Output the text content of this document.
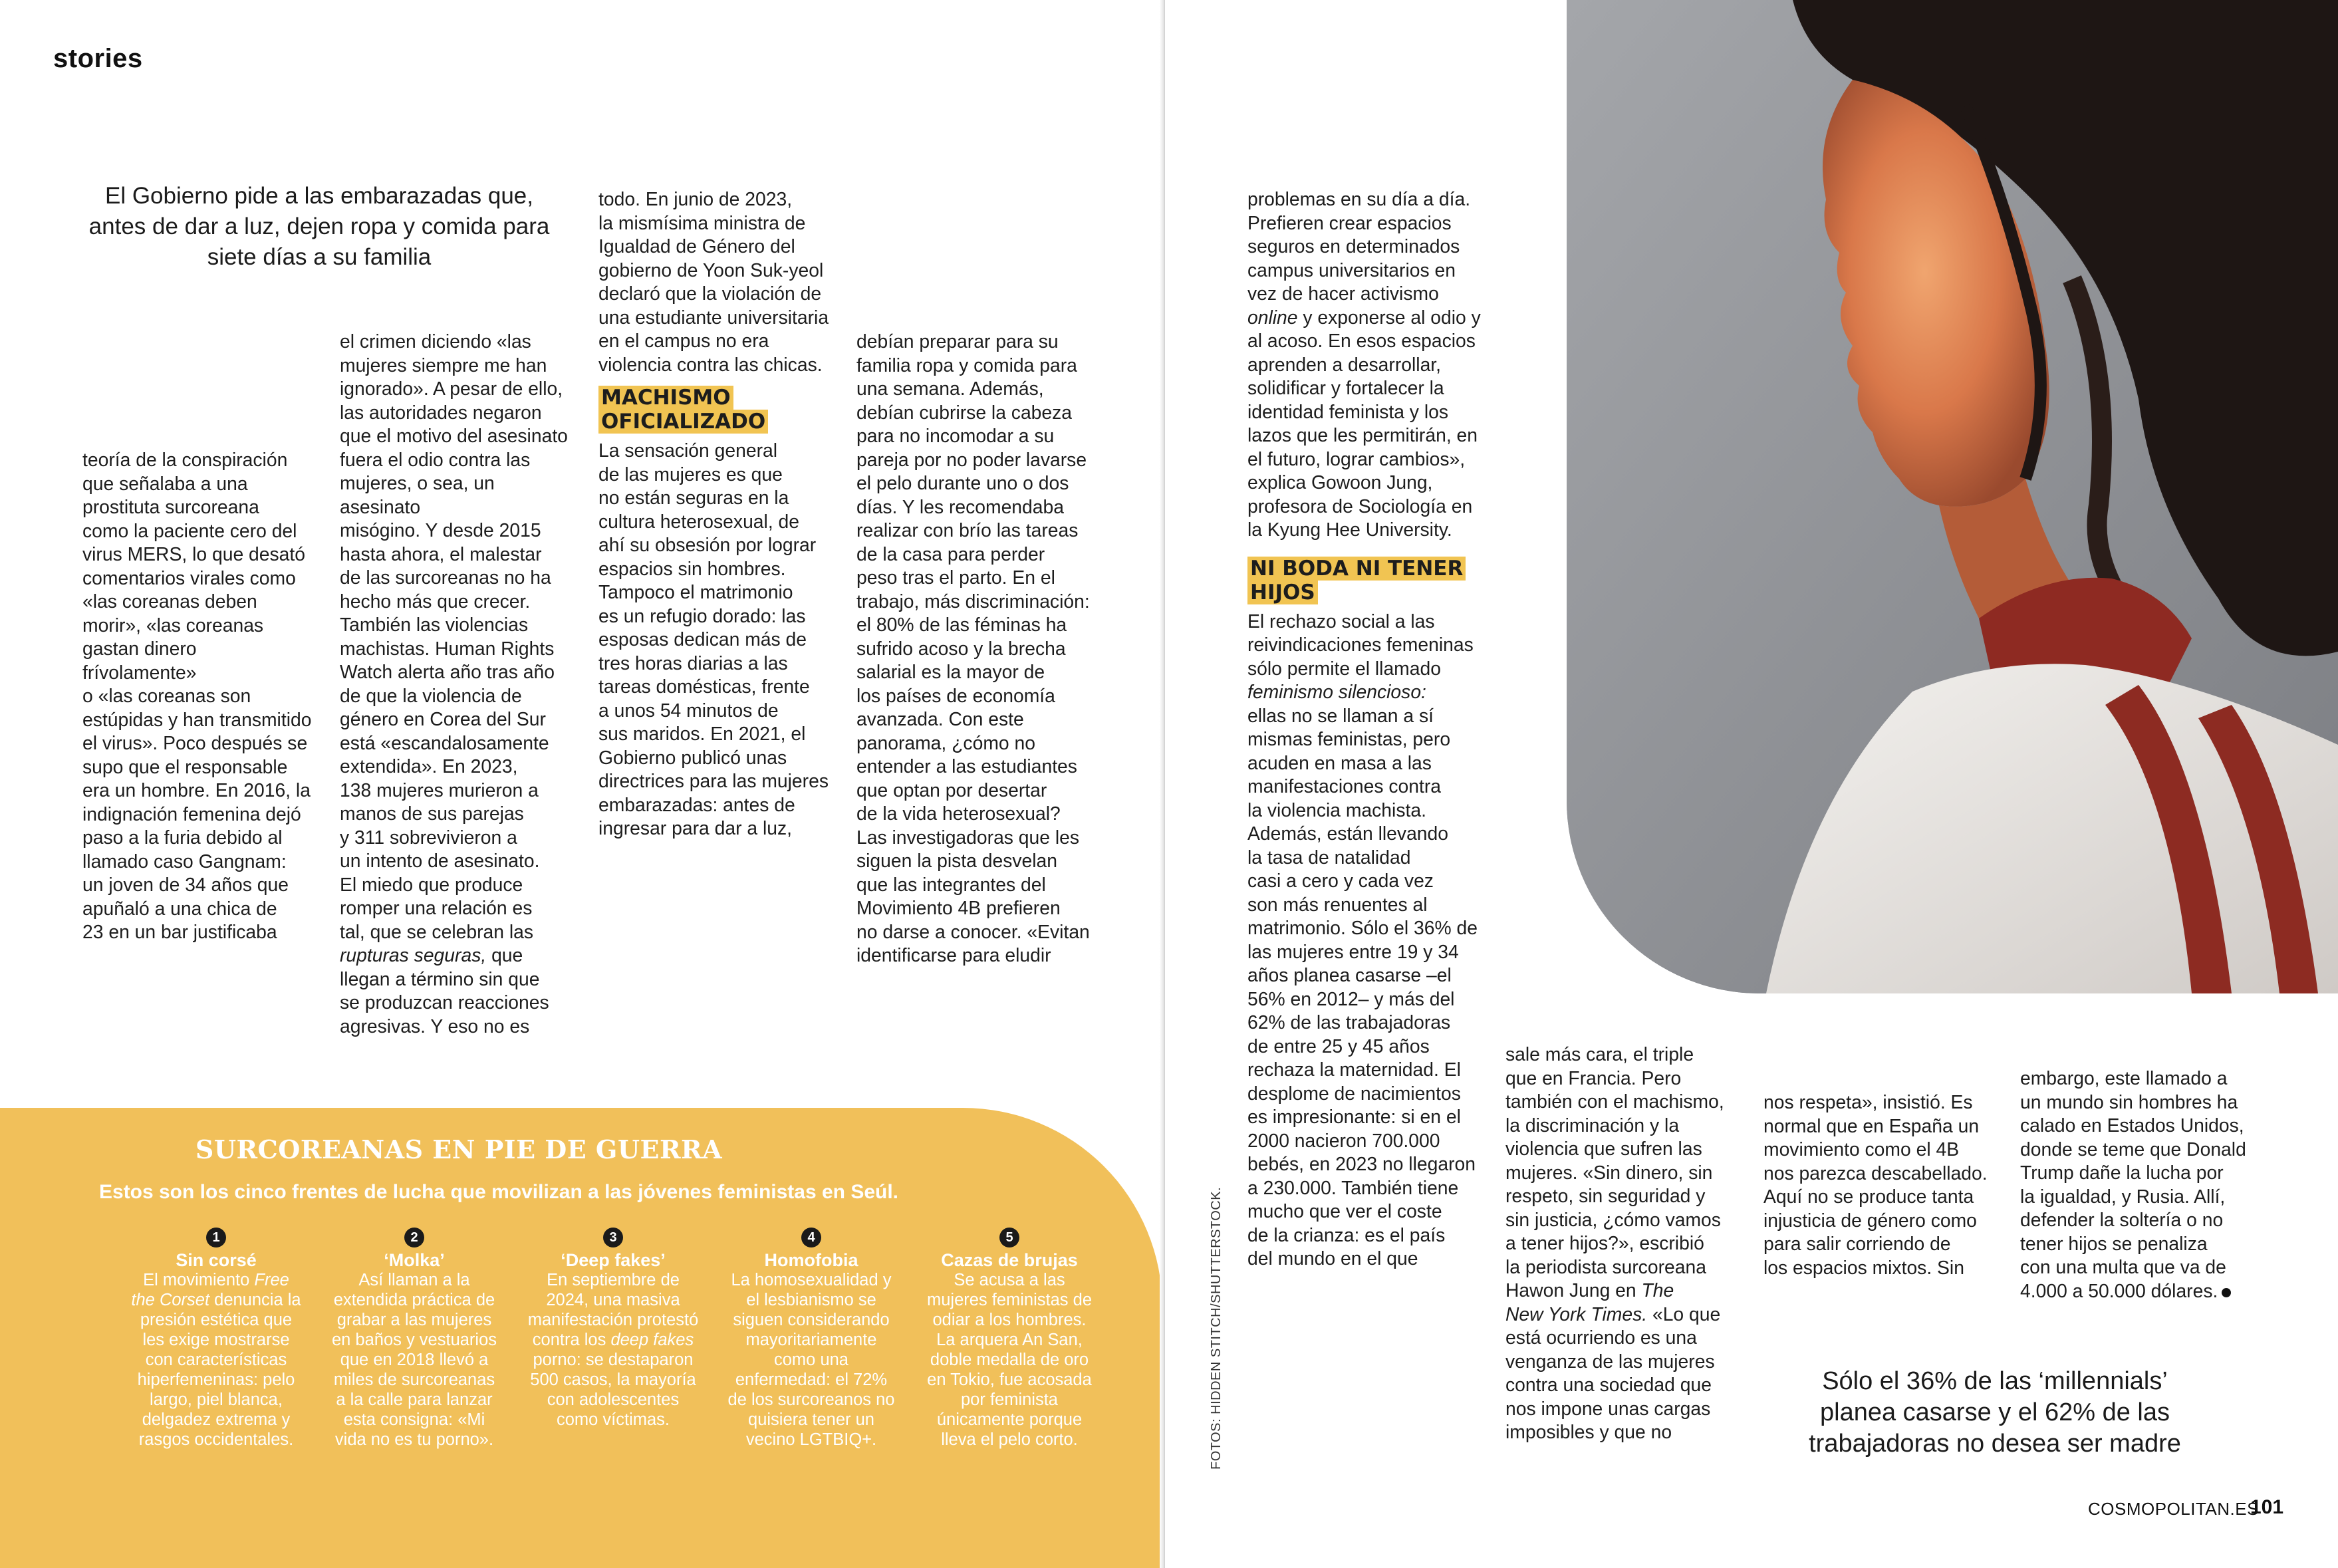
stories
El Gobierno pide a las embarazadas que, antes de dar a luz, dejen ropa y comida para siete días a su familia

teoría de la conspiración
que señalaba a una
prostituta surcoreana
como la paciente cero del
virus MERS, lo que desató
comentarios virales como
«las coreanas deben
morir», «las coreanas
gastan dinero frívolamente»
o «las coreanas son
estúpidas y han transmitido
el virus». Poco después se
supo que el responsable
era un hombre. En 2016, la
indignación femenina dejó
paso a la furia debido al
llamado caso Gangnam:
un joven de 34 años que
apuñaló a una chica de
23 en un bar justificaba

el crimen diciendo «las
mujeres siempre me han
ignorado». A pesar de ello,
las autoridades negaron
que el motivo del asesinato
fuera el odio contra las
mujeres, o sea, un asesinato
misógino. Y desde 2015
hasta ahora, el malestar
de las surcoreanas no ha
hecho más que crecer.
También las violencias
machistas. Human Rights
Watch alerta año tras año
de que la violencia de
género en Corea del Sur
está «escandalosamente
extendida». En 2023,
138 mujeres murieron a
manos de sus parejas
y 311 sobrevivieron a
un intento de asesinato.
El miedo que produce
romper una relación es
tal, que se celebran las rupturas seguras, que
llegan a término sin que
se produzcan reacciones
agresivas. Y eso no es

todo. En junio de 2023,
la mismísima ministra de
Igualdad de Género del
gobierno de Yoon Suk-yeol
declaró que la violación de
una estudiante universitaria
en el campus no era
violencia contra las chicas.

MACHISMO OFICIALIZADO

La sensación general
de las mujeres es que
no están seguras en la
cultura heterosexual, de
ahí su obsesión por lograr
espacios sin hombres.
Tampoco el matrimonio
es un refugio dorado: las
esposas dedican más de
tres horas diarias a las
tareas domésticas, frente
a unos 54 minutos de
sus maridos. En 2021, el
Gobierno publicó unas
directrices para las mujeres
embarazadas: antes de
ingresar para dar a luz,

debían preparar para su
familia ropa y comida para
una semana. Además,
debían cubrirse la cabeza
para no incomodar a su
pareja por no poder lavarse
el pelo durante uno o dos
días. Y les recomendaba
realizar con brío las tareas
de la casa para perder
peso tras el parto. En el
trabajo, más discriminación:
el 80% de las féminas ha
sufrido acoso y la brecha
salarial es la mayor de
los países de economía
avanzada. Con este
panorama, ¿cómo no
entender a las estudiantes
que optan por desertar
de la vida heterosexual?
Las investigadoras que les
siguen la pista desvelan
que las integrantes del
Movimiento 4B prefieren
no darse a conocer. «Evitan
identificarse para eludir

SURCOREANAS EN PIE DE GUERRA
Estos son los cinco frentes de lucha que movilizan a las jóvenes feministas en Seúl.
1
Sin corsé
El movimiento Free the Corset denuncia la presión estética que les exige mostrarse con características hiperfemeninas: pelo largo, piel blanca, delgadez extrema y rasgos occidentales.
2
‘Molka’
Así llaman a la extendida práctica de grabar a las mujeres en baños y vestuarios que en 2018 llevó a miles de surcoreanas a la calle para lanzar esta consigna: «Mi vida no es tu porno».
3
‘Deep fakes’
En septiembre de 2024, una masiva manifestación protestó contra los deep fakes porno: se destaparon 500 casos, la mayoría con adolescentes como víctimas.
4
Homofobia
La homosexualidad y el lesbianismo se siguen considerando mayoritariamente como una enfermedad: el 72% de los surcoreanos no quisiera tener un vecino LGTBIQ+.
5
Cazas de brujas
Se acusa a las mujeres feministas de odiar a los hombres. La arquera An San, doble medalla de oro en Tokio, fue acosada por feminista únicamente porque lleva el pelo corto.

problemas en su día a día.
Prefieren crear espacios
seguros en determinados
campus universitarios en
vez de hacer activismo
online y exponerse al odio y
al acoso. En esos espacios
aprenden a desarrollar,
solidificar y fortalecer la
identidad feminista y los
lazos que les permitirán, en
el futuro, lograr cambios»,
explica Gowoon Jung,
profesora de Sociología en
la Kyung Hee University.

NI BODA NI TENER HIJOS

El rechazo social a las
reivindicaciones femeninas
sólo permite el llamado
feminismo silencioso:
ellas no se llaman a sí
mismas feministas, pero
acuden en masa a las
manifestaciones contra
la violencia machista.
Además, están llevando
la tasa de natalidad
casi a cero y cada vez
son más renuentes al
matrimonio. Sólo el 36% de
las mujeres entre 19 y 34
años planea casarse –el
56% en 2012– y más del
62% de las trabajadoras
de entre 25 y 45 años
rechaza la maternidad. El
desplome de nacimientos
es impresionante: si en el
2000 nacieron 700.000
bebés, en 2023 no llegaron
a 230.000. También tiene
mucho que ver el coste
de la crianza: es el país
del mundo en el que

sale más cara, el triple
que en Francia. Pero
también con el machismo,
la discriminación y la
violencia que sufren las
mujeres. «Sin dinero, sin
respeto, sin seguridad y
sin justicia, ¿cómo vamos
a tener hijos?», escribió
la periodista surcoreana
Hawon Jung en The
New York Times. «Lo que
está ocurriendo es una
venganza de las mujeres
contra una sociedad que
nos impone unas cargas
imposibles y que no

nos respeta», insistió. Es
normal que en España un
movimiento como el 4B
nos parezca descabellado.
Aquí no se produce tanta
injusticia de género como
para salir corriendo de
los espacios mixtos. Sin

embargo, este llamado a
un mundo sin hombres ha
calado en Estados Unidos,
donde se teme que Donald
Trump dañe la lucha por
la igualdad, y Rusia. Allí,
defender la soltería o no
tener hijos se penaliza
con una multa que va de
4.000 a 50.000 dólares.

Sólo el 36% de las ‘millennials’ planea casarse y el 62% de las trabajadoras no desea ser madre
FOTOS: HIDDEN STITCH/SHUTTERSTOCK.
COSMOPOLITAN.ES
101
